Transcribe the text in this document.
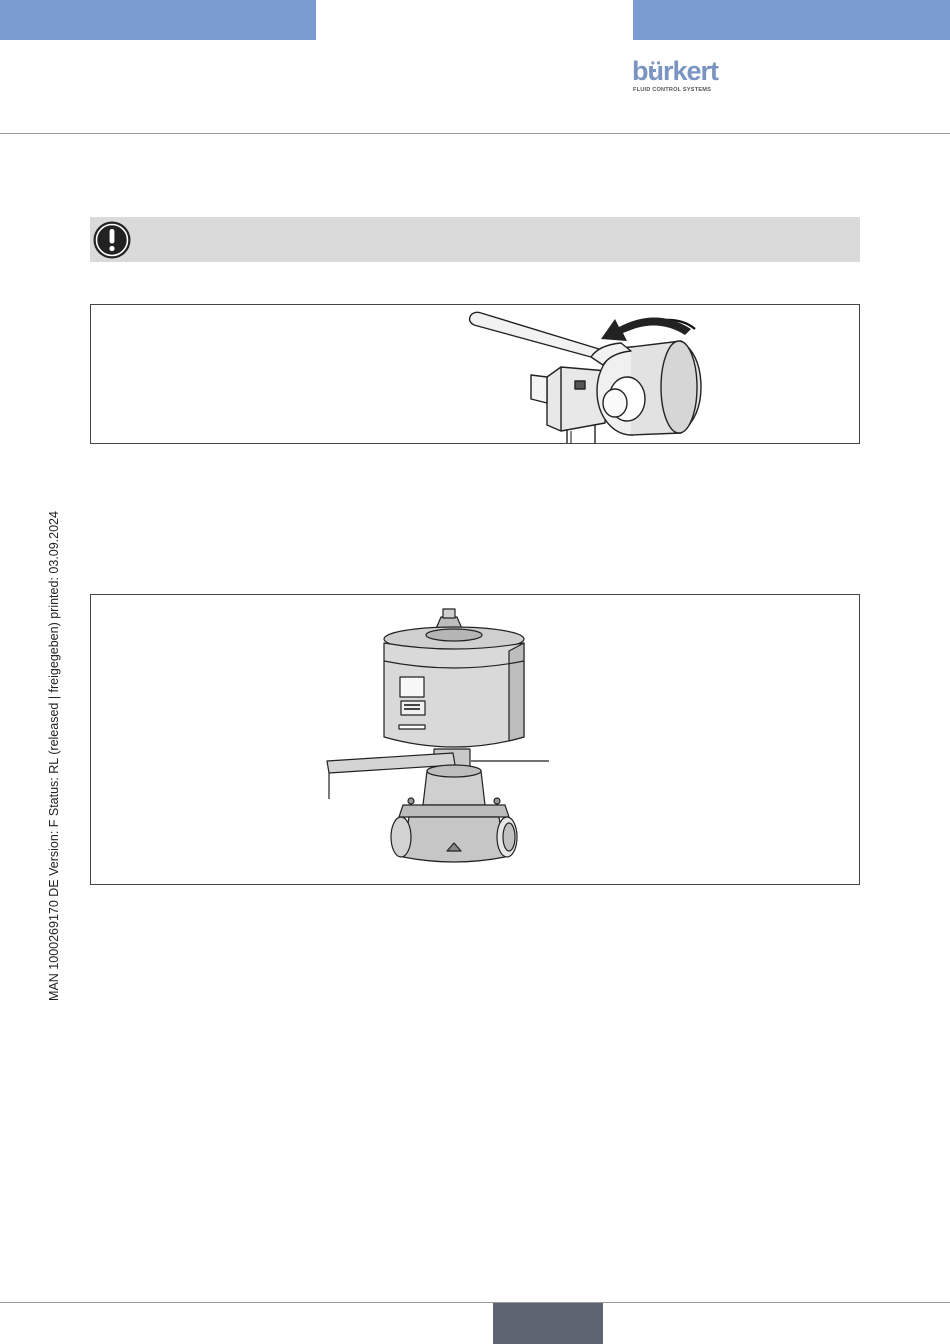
bürkert
FLUID CONTROL SYSTEMS
MAN 1000269170 DE Version: F Status: RL (released | freigegeben) printed: 03.09.2024
